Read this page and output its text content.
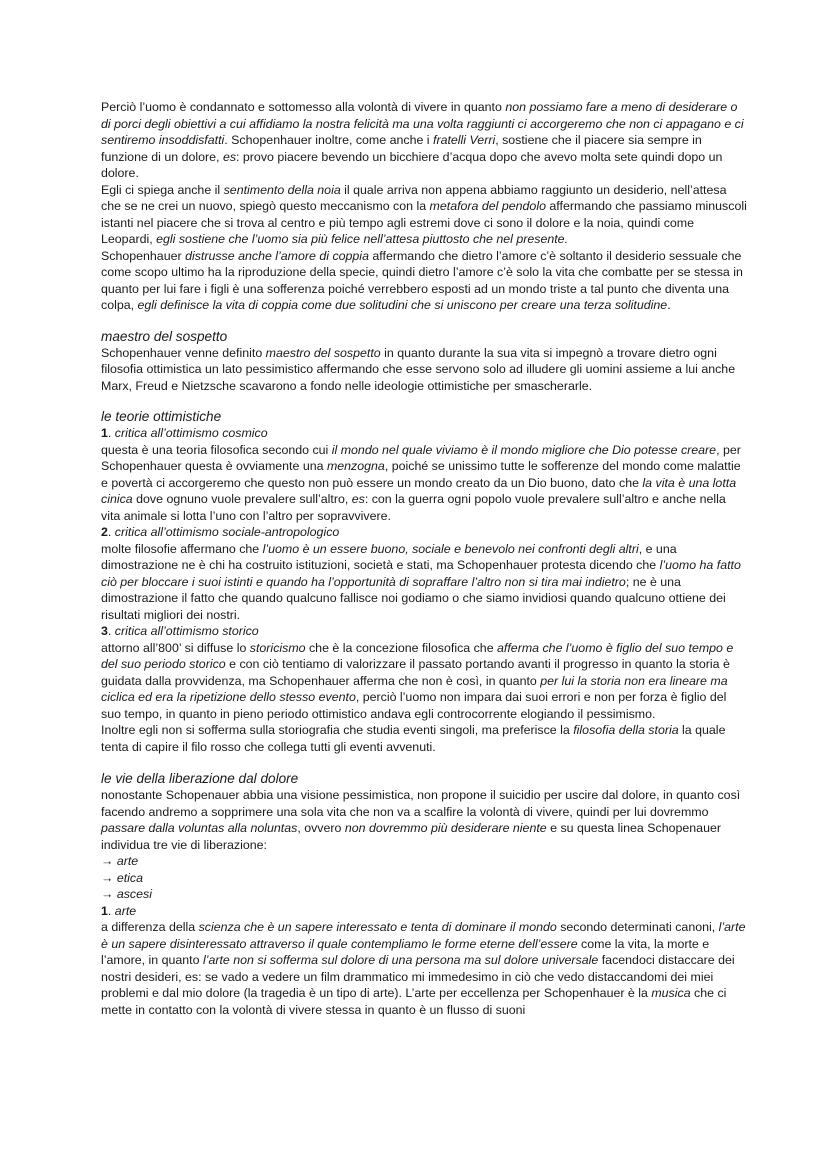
Perciò l’uomo è condannato e sottomesso alla volontà di vivere in quanto non possiamo fare a meno di desiderare o di porci degli obiettivi a cui affidiamo la nostra felicità ma una volta raggiunti ci accorgeremo che non ci appagano e ci sentiremo insoddisfatti. Schopenhauer inoltre, come anche i fratelli Verri, sostiene che il piacere sia sempre in funzione di un dolore, es: provo piacere bevendo un bicchiere d’acqua dopo che avevo molta sete quindi dopo un dolore.

Egli ci spiega anche il sentimento della noia il quale arriva non appena abbiamo raggiunto un desiderio, nell’attesa che se ne crei un nuovo, spiegò questo meccanismo con la metafora del pendolo affermando che passiamo minuscoli istanti nel piacere che si trova al centro e più tempo agli estremi dove ci sono il dolore e la noia, quindi come Leopardi, egli sostiene che l’uomo sia più felice nell’attesa piuttosto che nel presente.

Schopenhauer distrusse anche l’amore di coppia affermando che dietro l’amore c’è soltanto il desiderio sessuale che come scopo ultimo ha la riproduzione della specie, quindi dietro l’amore c’è solo la vita che combatte per se stessa in quanto per lui fare i figli è una sofferenza poiché verrebbero esposti ad un mondo triste a tal punto che diventa una colpa, egli definisce la vita di coppia come due solitudini che si uniscono per creare una terza solitudine.

maestro del sospetto

Schopenhauer venne definito maestro del sospetto in quanto durante la sua vita si impegnò a trovare dietro ogni filosofia ottimistica un lato pessimistico affermando che esse servono solo ad illudere gli uomini assieme a lui anche Marx, Freud e Nietzsche scavarono a fondo nelle ideologie ottimistiche per smascherarle.

le teorie ottimistiche

1. critica all’ottimismo cosmico

questa è una teoria filosofica secondo cui il mondo nel quale viviamo è il mondo migliore che Dio potesse creare, per Schopenhauer questa è ovviamente una menzogna, poiché se unissimo tutte le sofferenze del mondo come malattie e povertà ci accorgeremo che questo non può essere un mondo creato da un Dio buono, dato che la vita è una lotta cinica dove ognuno vuole prevalere sull’altro, es: con la guerra ogni popolo vuole prevalere sull’altro e anche nella vita animale si lotta l’uno con l’altro per sopravvivere.

2. critica all’ottimismo sociale-antropologico

molte filosofie affermano che l’uomo è un essere buono, sociale e benevolo nei confronti degli altri, e una dimostrazione ne è chi ha costruito istituzioni, società e stati, ma Schopenhauer protesta dicendo che l’uomo ha fatto ciò per bloccare i suoi istinti e quando ha l’opportunità di sopraffare l’altro non si tira mai indietro; ne è una dimostrazione il fatto che quando qualcuno fallisce noi godiamo o che siamo invidiosi quando qualcuno ottiene dei risultati migliori dei nostri.

3. critica all’ottimismo storico

attorno all’800’ si diffuse lo storicismo che è la concezione filosofica che afferma che l’uomo è figlio del suo tempo e del suo periodo storico e con ciò tentiamo di valorizzare il passato portando avanti il progresso in quanto la storia è guidata dalla provvidenza, ma Schopenhauer afferma che non è così, in quanto per lui la storia non era lineare ma ciclica ed era la ripetizione dello stesso evento, perciò l’uomo non impara dai suoi errori e non per forza è figlio del suo tempo, in quanto in pieno periodo ottimistico andava egli controcorrente elogiando il pessimismo.

Inoltre egli non si sofferma sulla storiografia che studia eventi singoli, ma preferisce la filosofia della storia la quale tenta di capire il filo rosso che collega tutti gli eventi avvenuti.

le vie della liberazione dal dolore

nonostante Schopenauer abbia una visione pessimistica, non propone il suicidio per uscire dal dolore, in quanto così facendo andremo a sopprimere una sola vita che non va a scalfire la volontà di vivere, quindi per lui dovremmo passare dalla voluntas alla noluntas, ovvero non dovremmo più desiderare niente e su questa linea Schopenauer individua tre vie di liberazione:

→ arte
→ etica
→ ascesi

1. arte

a differenza della scienza che è un sapere interessato e tenta di dominare il mondo secondo determinati canoni, l’arte è un sapere disinteressato attraverso il quale contempliamo le forme eterne dell’essere come la vita, la morte e l’amore, in quanto l’arte non si sofferma sul dolore di una persona ma sul dolore universale facendoci distaccare dei nostri desideri, es: se vado a vedere un film drammatico mi immedesimo in ciò che vedo distaccandomi dei miei problemi e dal mio dolore (la tragedia è un tipo di arte). L’arte per eccellenza per Schopenhauer è la musica che ci mette in contatto con la volontà di vivere stessa in quanto è un flusso di suoni
